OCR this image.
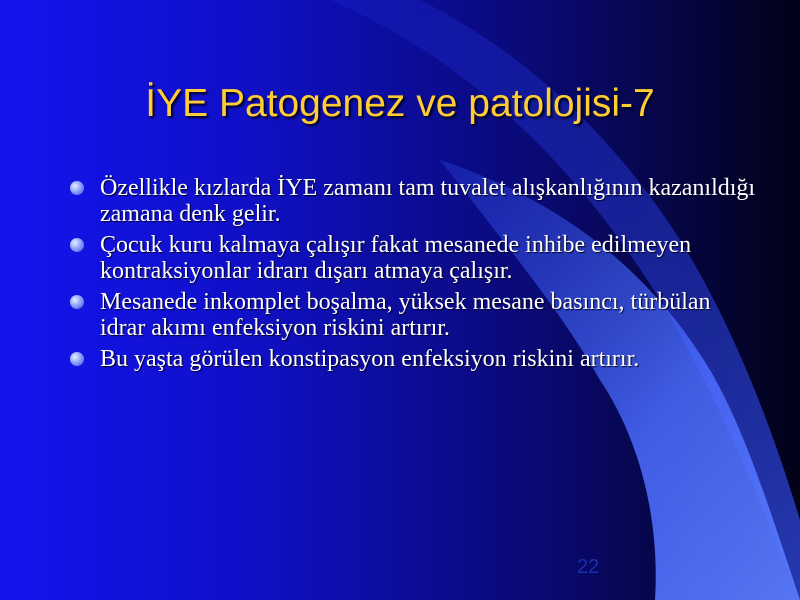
İYE Patogenez ve patolojisi-7
Özellikle kızlarda İYE zamanı tam tuvalet alışkanlığının kazanıldığı zamana denk gelir.
Çocuk kuru kalmaya çalışır fakat mesanede inhibe edilmeyen kontraksiyonlar idrarı dışarı atmaya çalışır.
Mesanede inkomplet boşalma, yüksek mesane basıncı, türbülan idrar akımı enfeksiyon riskini artırır.
Bu yaşta görülen konstipasyon enfeksiyon riskini artırır.
22
